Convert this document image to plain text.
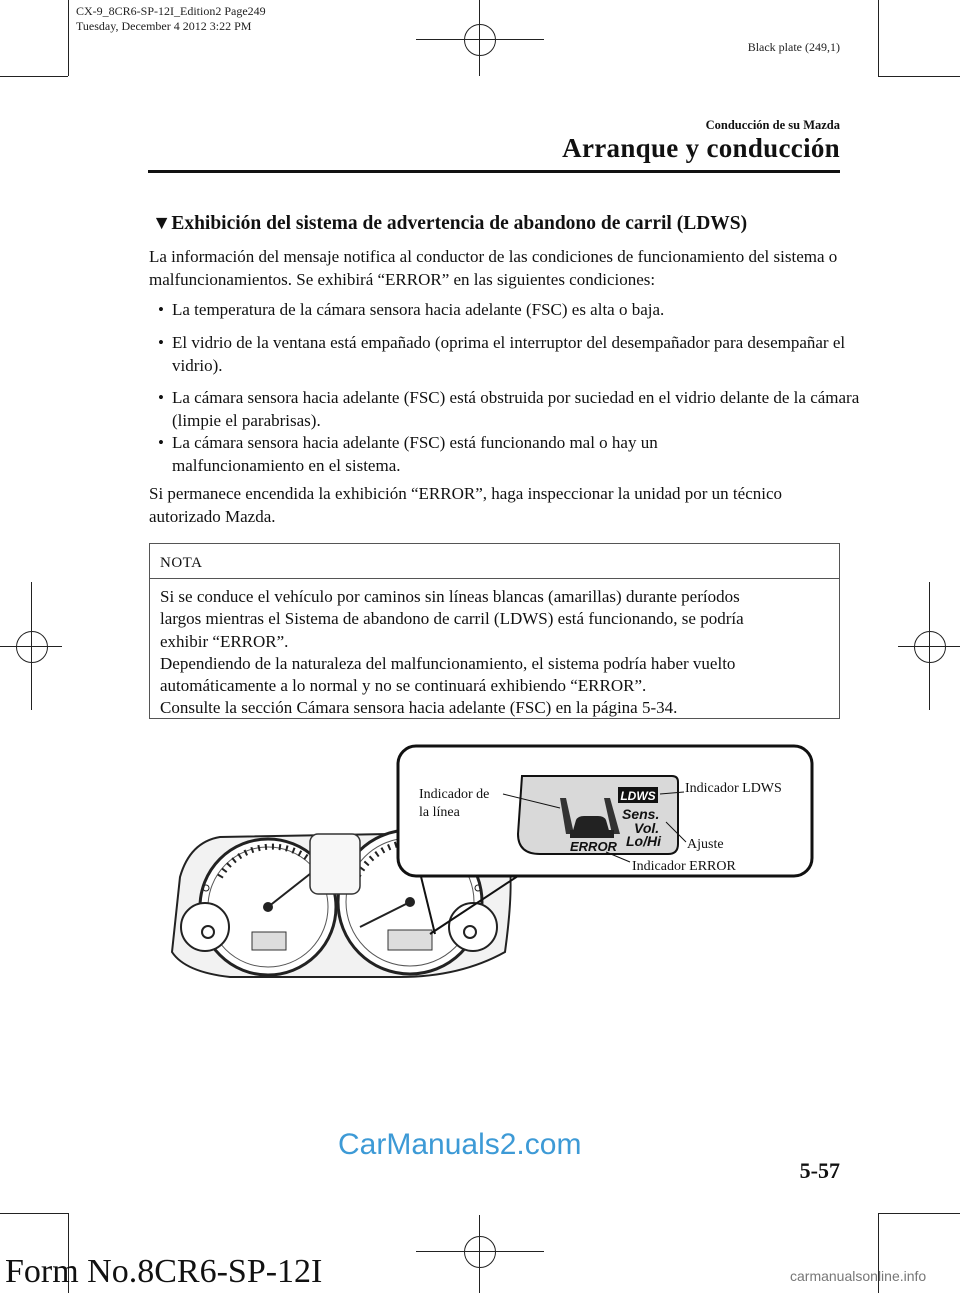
CX-9_8CR6-SP-12I_Edition2 Page249
Tuesday, December 4 2012 3:22 PM
Black plate (249,1)
Conducción de su Mazda
Arranque y conducción
▼Exhibición del sistema de advertencia de abandono de carril (LDWS)
La información del mensaje notifica al conductor de las condiciones de funcionamiento del sistema o malfuncionamientos. Se exhibirá “ERROR” en las siguientes condiciones:
• La temperatura de la cámara sensora hacia adelante (FSC) es alta o baja.
• El vidrio de la ventana está empañado (oprima el interruptor del desempañador para desempañar el vidrio).
• La cámara sensora hacia adelante (FSC) está obstruida por suciedad en el vidrio delante de la cámara (limpie el parabrisas).
• La cámara sensora hacia adelante (FSC) está funcionando mal o hay un malfuncionamiento en el sistema.
Si permanece encendida la exhibición “ERROR”, haga inspeccionar la unidad por un técnico autorizado Mazda.
NOTA
Si se conduce el vehículo por caminos sin líneas blancas (amarillas) durante períodos
largos mientras el Sistema de abandono de carril (LDWS) está funcionando, se podría
exhibir “ERROR”.
Dependiendo de la naturaleza del malfuncionamiento, el sistema podría haber vuelto
automáticamente a lo normal y no se continuará exhibiendo “ERROR”.
Consulte la sección Cámara sensora hacia adelante (FSC) en la página 5-34.
LDWS
Sens.
Vol.
Lo/Hi
ERROR
Indicador de
la línea
Indicador LDWS
Ajuste
Indicador ERROR
CarManuals2.com
5-57
Form No.8CR6-SP-12I	carmanualsonline.info
